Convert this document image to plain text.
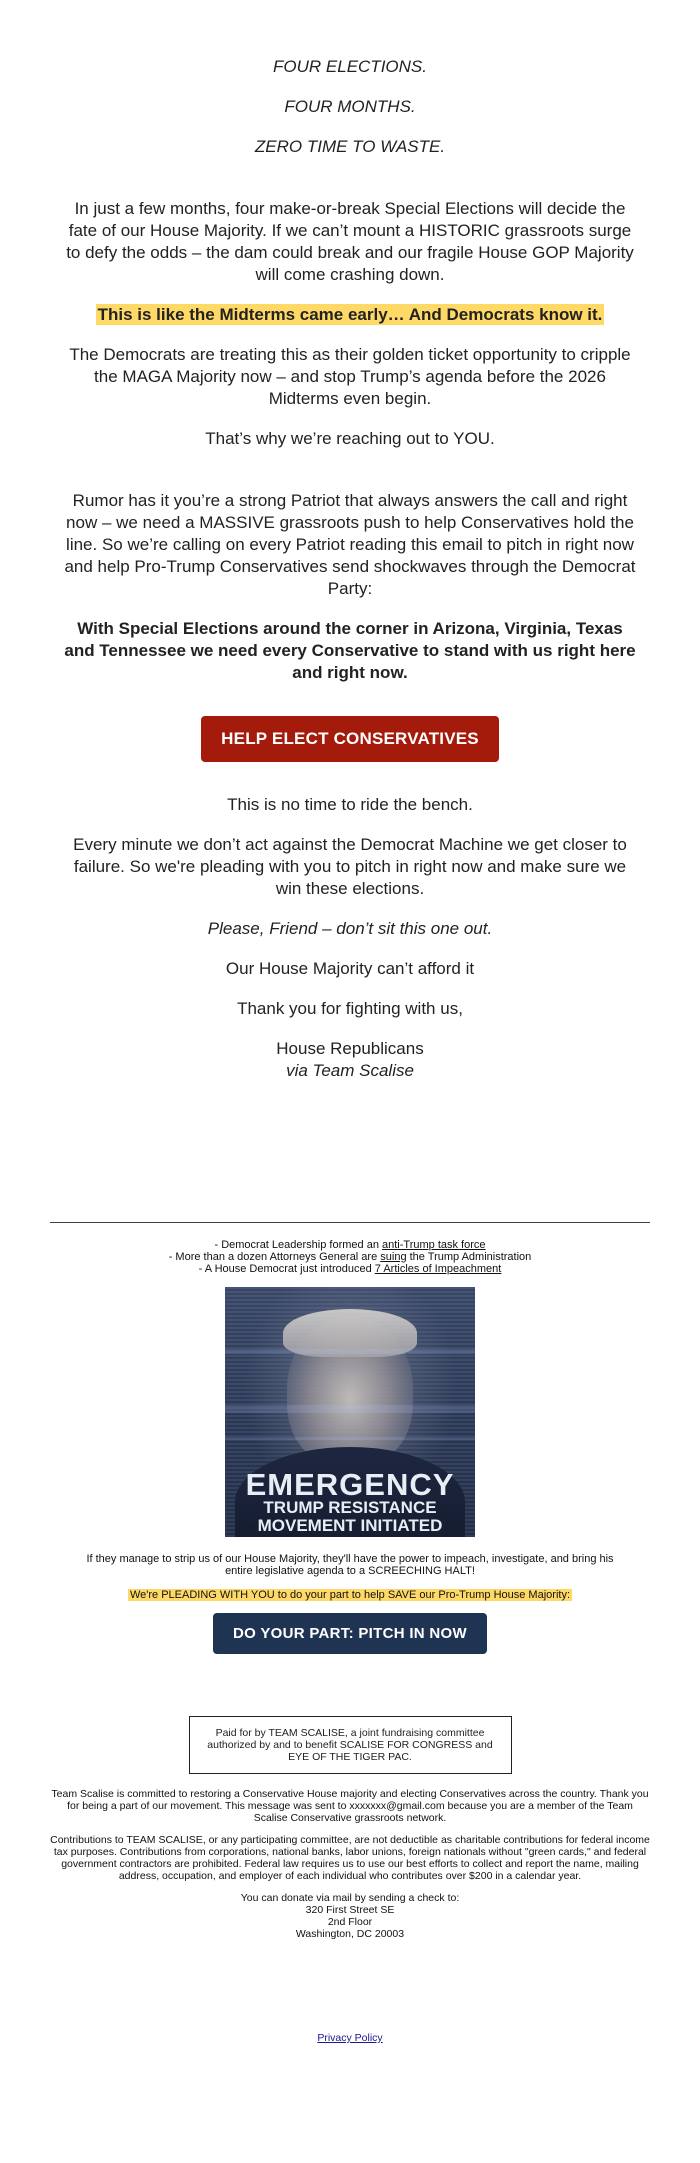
FOUR ELECTIONS.

FOUR MONTHS.

ZERO TIME TO WASTE.

In just a few months, four make-or-break Special Elections will decide the fate of our House Majority. If we can’t mount a HISTORIC grassroots surge to defy the odds – the dam could break and our fragile House GOP Majority will come crashing down.

This is like the Midterms came early… And Democrats know it.

The Democrats are treating this as their golden ticket opportunity to cripple the MAGA Majority now – and stop Trump’s agenda before the 2026 Midterms even begin.

That’s why we’re reaching out to YOU.

Rumor has it you’re a strong Patriot that always answers the call and right now – we need a MASSIVE grassroots push to help Conservatives hold the line. So we’re calling on every Patriot reading this email to pitch in right now and help Pro-Trump Conservatives send shockwaves through the Democrat Party:

With Special Elections around the corner in Arizona, Virginia, Texas and Tennessee we need every Conservative to stand with us right here and right now.

HELP ELECT CONSERVATIVES

This is no time to ride the bench.

Every minute we don’t act against the Democrat Machine we get closer to failure. So we're pleading with you to pitch in right now and make sure we win these elections.

Please, Friend – don’t sit this one out.

Our House Majority can’t afford it

Thank you for fighting with us,

House Republicans

via Team Scalise

- Democrat Leadership formed an anti-Trump task force
- More than a dozen Attorneys General are suing the Trump Administration
- A House Democrat just introduced 7 Articles of Impeachment
EMERGENCY
TRUMP RESISTANCE
MOVEMENT INITIATED

If they manage to strip us of our House Majority, they'll have the power to impeach, investigate, and bring his entire legislative agenda to a SCREECHING HALT!

We're PLEADING WITH YOU to do your part to help SAVE our Pro-Trump House Majority:

DO YOUR PART: PITCH IN NOW
Paid for by TEAM SCALISE, a joint fundraising committee authorized by and to benefit SCALISE FOR CONGRESS and EYE OF THE TIGER PAC.

Team Scalise is committed to restoring a Conservative House majority and electing Conservatives across the country. Thank you for being a part of our movement. This message was sent to xxxxxxx@gmail.com because you are a member of the Team Scalise Conservative grassroots network.

Contributions to TEAM SCALISE, or any participating committee, are not deductible as charitable contributions for federal income tax purposes. Contributions from corporations, national banks, labor unions, foreign nationals without "green cards," and federal government contractors are prohibited. Federal law requires us to use our best efforts to collect and report the name, mailing address, occupation, and employer of each individual who contributes over $200 in a calendar year.

You can donate via mail by sending a check to:
320 First Street SE
2nd Floor
Washington, DC 20003
Privacy Policy
